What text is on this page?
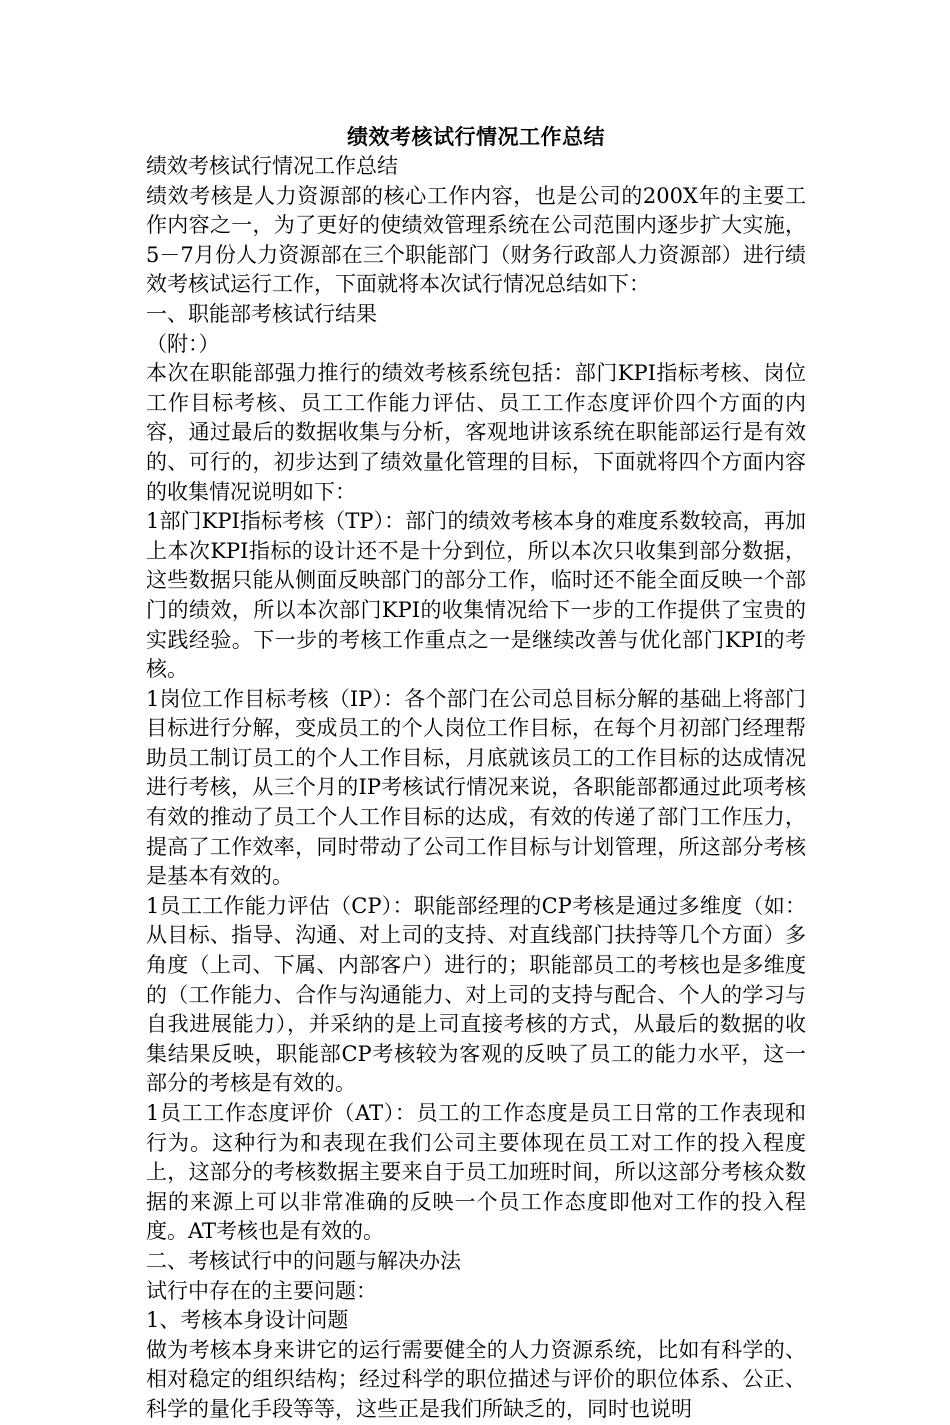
绩效考核试行情况工作总结

绩效考核试行情况工作总结

绩效考核是人力资源部的核心工作内容，也是公司的200X年的主要工作内容之一，为了更好的使绩效管理系统在公司范围内逐步扩大实施，5－7月份人力资源部在三个职能部门（财务行政部人力资源部）进行绩效考核试运行工作，下面就将本次试行情况总结如下：

一、职能部考核试行结果

（附：）

本次在职能部强力推行的绩效考核系统包括：部门KPI指标考核、岗位工作目标考核、员工工作能力评估、员工工作态度评价四个方面的内容，通过最后的数据收集与分析，客观地讲该系统在职能部运行是有效的、可行的，初步达到了绩效量化管理的目标，下面就将四个方面内容的收集情况说明如下：

1部门KPI指标考核（TP）：部门的绩效考核本身的难度系数较高，再加上本次KPI指标的设计还不是十分到位，所以本次只收集到部分数据，这些数据只能从侧面反映部门的部分工作，临时还不能全面反映一个部门的绩效，所以本次部门KPI的收集情况给下一步的工作提供了宝贵的实践经验。下一步的考核工作重点之一是继续改善与优化部门KPI的考核。

1岗位工作目标考核（IP）：各个部门在公司总目标分解的基础上将部门目标进行分解，变成员工的个人岗位工作目标，在每个月初部门经理帮助员工制订员工的个人工作目标，月底就该员工的工作目标的达成情况进行考核，从三个月的IP考核试行情况来说，各职能部都通过此项考核有效的推动了员工个人工作目标的达成，有效的传递了部门工作压力，提高了工作效率，同时带动了公司工作目标与计划管理，所这部分考核是基本有效的。

1员工工作能力评估（CP）：职能部经理的CP考核是通过多维度（如：从目标、指导、沟通、对上司的支持、对直线部门扶持等几个方面）多角度（上司、下属、内部客户）进行的；职能部员工的考核也是多维度的（工作能力、合作与沟通能力、对上司的支持与配合、个人的学习与自我进展能力），并采纳的是上司直接考核的方式，从最后的数据的收集结果反映，职能部CP考核较为客观的反映了员工的能力水平，这一部分的考核是有效的。

1员工工作态度评价（AT）：员工的工作态度是员工日常的工作表现和行为。这种行为和表现在我们公司主要体现在员工对工作的投入程度上，这部分的考核数据主要来自于员工加班时间，所以这部分考核众数据的来源上可以非常准确的反映一个员工作态度即他对工作的投入程度。AT考核也是有效的。

二、考核试行中的问题与解决办法

试行中存在的主要问题：

1、考核本身设计问题

做为考核本身来讲它的运行需要健全的人力资源系统，比如有科学的、相对稳定的组织结构；经过科学的职位描述与评价的职位体系、公正、科学的量化手段等等，这些正是我们所缺乏的，同时也说明
